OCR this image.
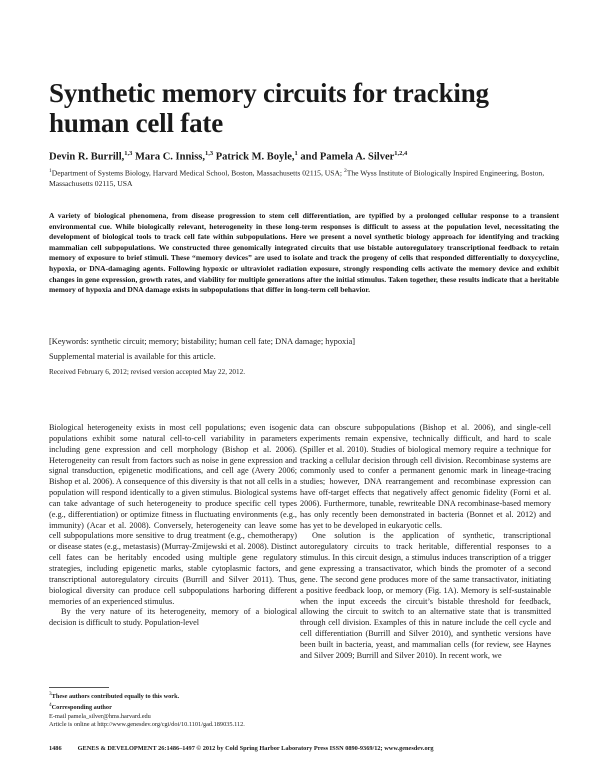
Synthetic memory circuits for tracking human cell fate
Devin R. Burrill,$^{1,3}$ Mara C. Inniss,$^{1,3}$ Patrick M. Boyle,$^1$ and Pamela A. Silver$^{1,2,4}$
$^1$Department of Systems Biology, Harvard Medical School, Boston, Massachusetts 02115, USA; $^2$The Wyss Institute of Biologically Inspired Engineering, Boston, Massachusetts 02115, USA

A variety of biological phenomena, from disease progression to stem cell differentiation, are typified by a prolonged cellular response to a transient environmental cue. While biologically relevant, heterogeneity in these long-term responses is difficult to assess at the population level, necessitating the development of biological tools to track cell fate within subpopulations. Here we present a novel synthetic biology approach for identifying and tracking mammalian cell subpopulations. We constructed three genomically integrated circuits that use bistable autoregulatory transcriptional feedback to retain memory of exposure to brief stimuli. These “memory devices” are used to isolate and track the progeny of cells that responded differentially to doxycycline, hypoxia, or DNA-damaging agents. Following hypoxic or ultraviolet radiation exposure, strongly responding cells activate the memory device and exhibit changes in gene expression, growth rates, and viability for multiple generations after the initial stimulus. Taken together, these results indicate that a heritable memory of hypoxia and DNA damage exists in subpopulations that differ in long-term cell behavior.

[Keywords: synthetic circuit; memory; bistability; human cell fate; DNA damage; hypoxia]
Supplemental material is available for this article.
Received February 6, 2012; revised version accepted May 22, 2012.

Biological heterogeneity exists in most cell populations; even isogenic populations exhibit some natural cell-to-cell variability in parameters including gene expression and cell morphology (Bishop et al. 2006). Heterogeneity can result from factors such as noise in gene expression and signal transduction, epigenetic modifications, and cell age (Avery 2006; Bishop et al. 2006). A consequence of this diversity is that not all cells in a population will respond identically to a given stimulus. Biological systems can take advantage of such heterogeneity to produce specific cell types (e.g., differentiation) or optimize fitness in fluctuating environments (e.g., immunity) (Acar et al. 2008). Conversely, heterogeneity can leave some cell subpopulations more sensitive to drug treatment (e.g., chemotherapy) or disease states (e.g., metastasis) (Murray-Zmijewski et al. 2008). Distinct cell fates can be heritably encoded using multiple gene regulatory strategies, including epigenetic marks, stable cytoplasmic factors, and transcriptional autoregulatory circuits (Burrill and Silver 2011). Thus, biological diversity can produce cell subpopulations harboring different memories of an experienced stimulus.

By the very nature of its heterogeneity, memory of a biological decision is difficult to study. Population-level

data can obscure subpopulations (Bishop et al. 2006), and single-cell experiments remain expensive, technically difficult, and hard to scale (Spiller et al. 2010). Studies of biological memory require a technique for tracking a cellular decision through cell division. Recombinase systems are commonly used to confer a permanent genomic mark in lineage-tracing studies; however, DNA rearrangement and recombinase expression can have off-target effects that negatively affect genomic fidelity (Forni et al. 2006). Furthermore, tunable, rewriteable DNA recombinase-based memory has only recently been demonstrated in bacteria (Bonnet et al. 2012) and has yet to be developed in eukaryotic cells.

One solution is the application of synthetic, transcriptional autoregulatory circuits to track heritable, differential responses to a stimulus. In this circuit design, a stimulus induces transcription of a trigger gene expressing a transactivator, which binds the promoter of a second gene. The second gene produces more of the same transactivator, initiating a positive feedback loop, or memory (Fig. 1A). Memory is self-sustainable when the input exceeds the circuit’s bistable threshold for feedback, allowing the circuit to switch to an alternative state that is transmitted through cell division. Examples of this in nature include the cell cycle and cell differentiation (Burrill and Silver 2010), and synthetic versions have been built in bacteria, yeast, and mammalian cells (for review, see Haynes and Silver 2009; Burrill and Silver 2010). In recent work, we

$^3$These authors contributed equally to this work.
$^4$Corresponding author
E-mail pamela_silver@hms.harvard.edu
Article is online at http://www.genesdev.org/cgi/doi/10.1101/gad.189035.112.
1486	GENES & DEVELOPMENT 26:1486–1497 © 2012 by Cold Spring Harbor Laboratory Press ISSN 0890-9369/12; www.genesdev.org
